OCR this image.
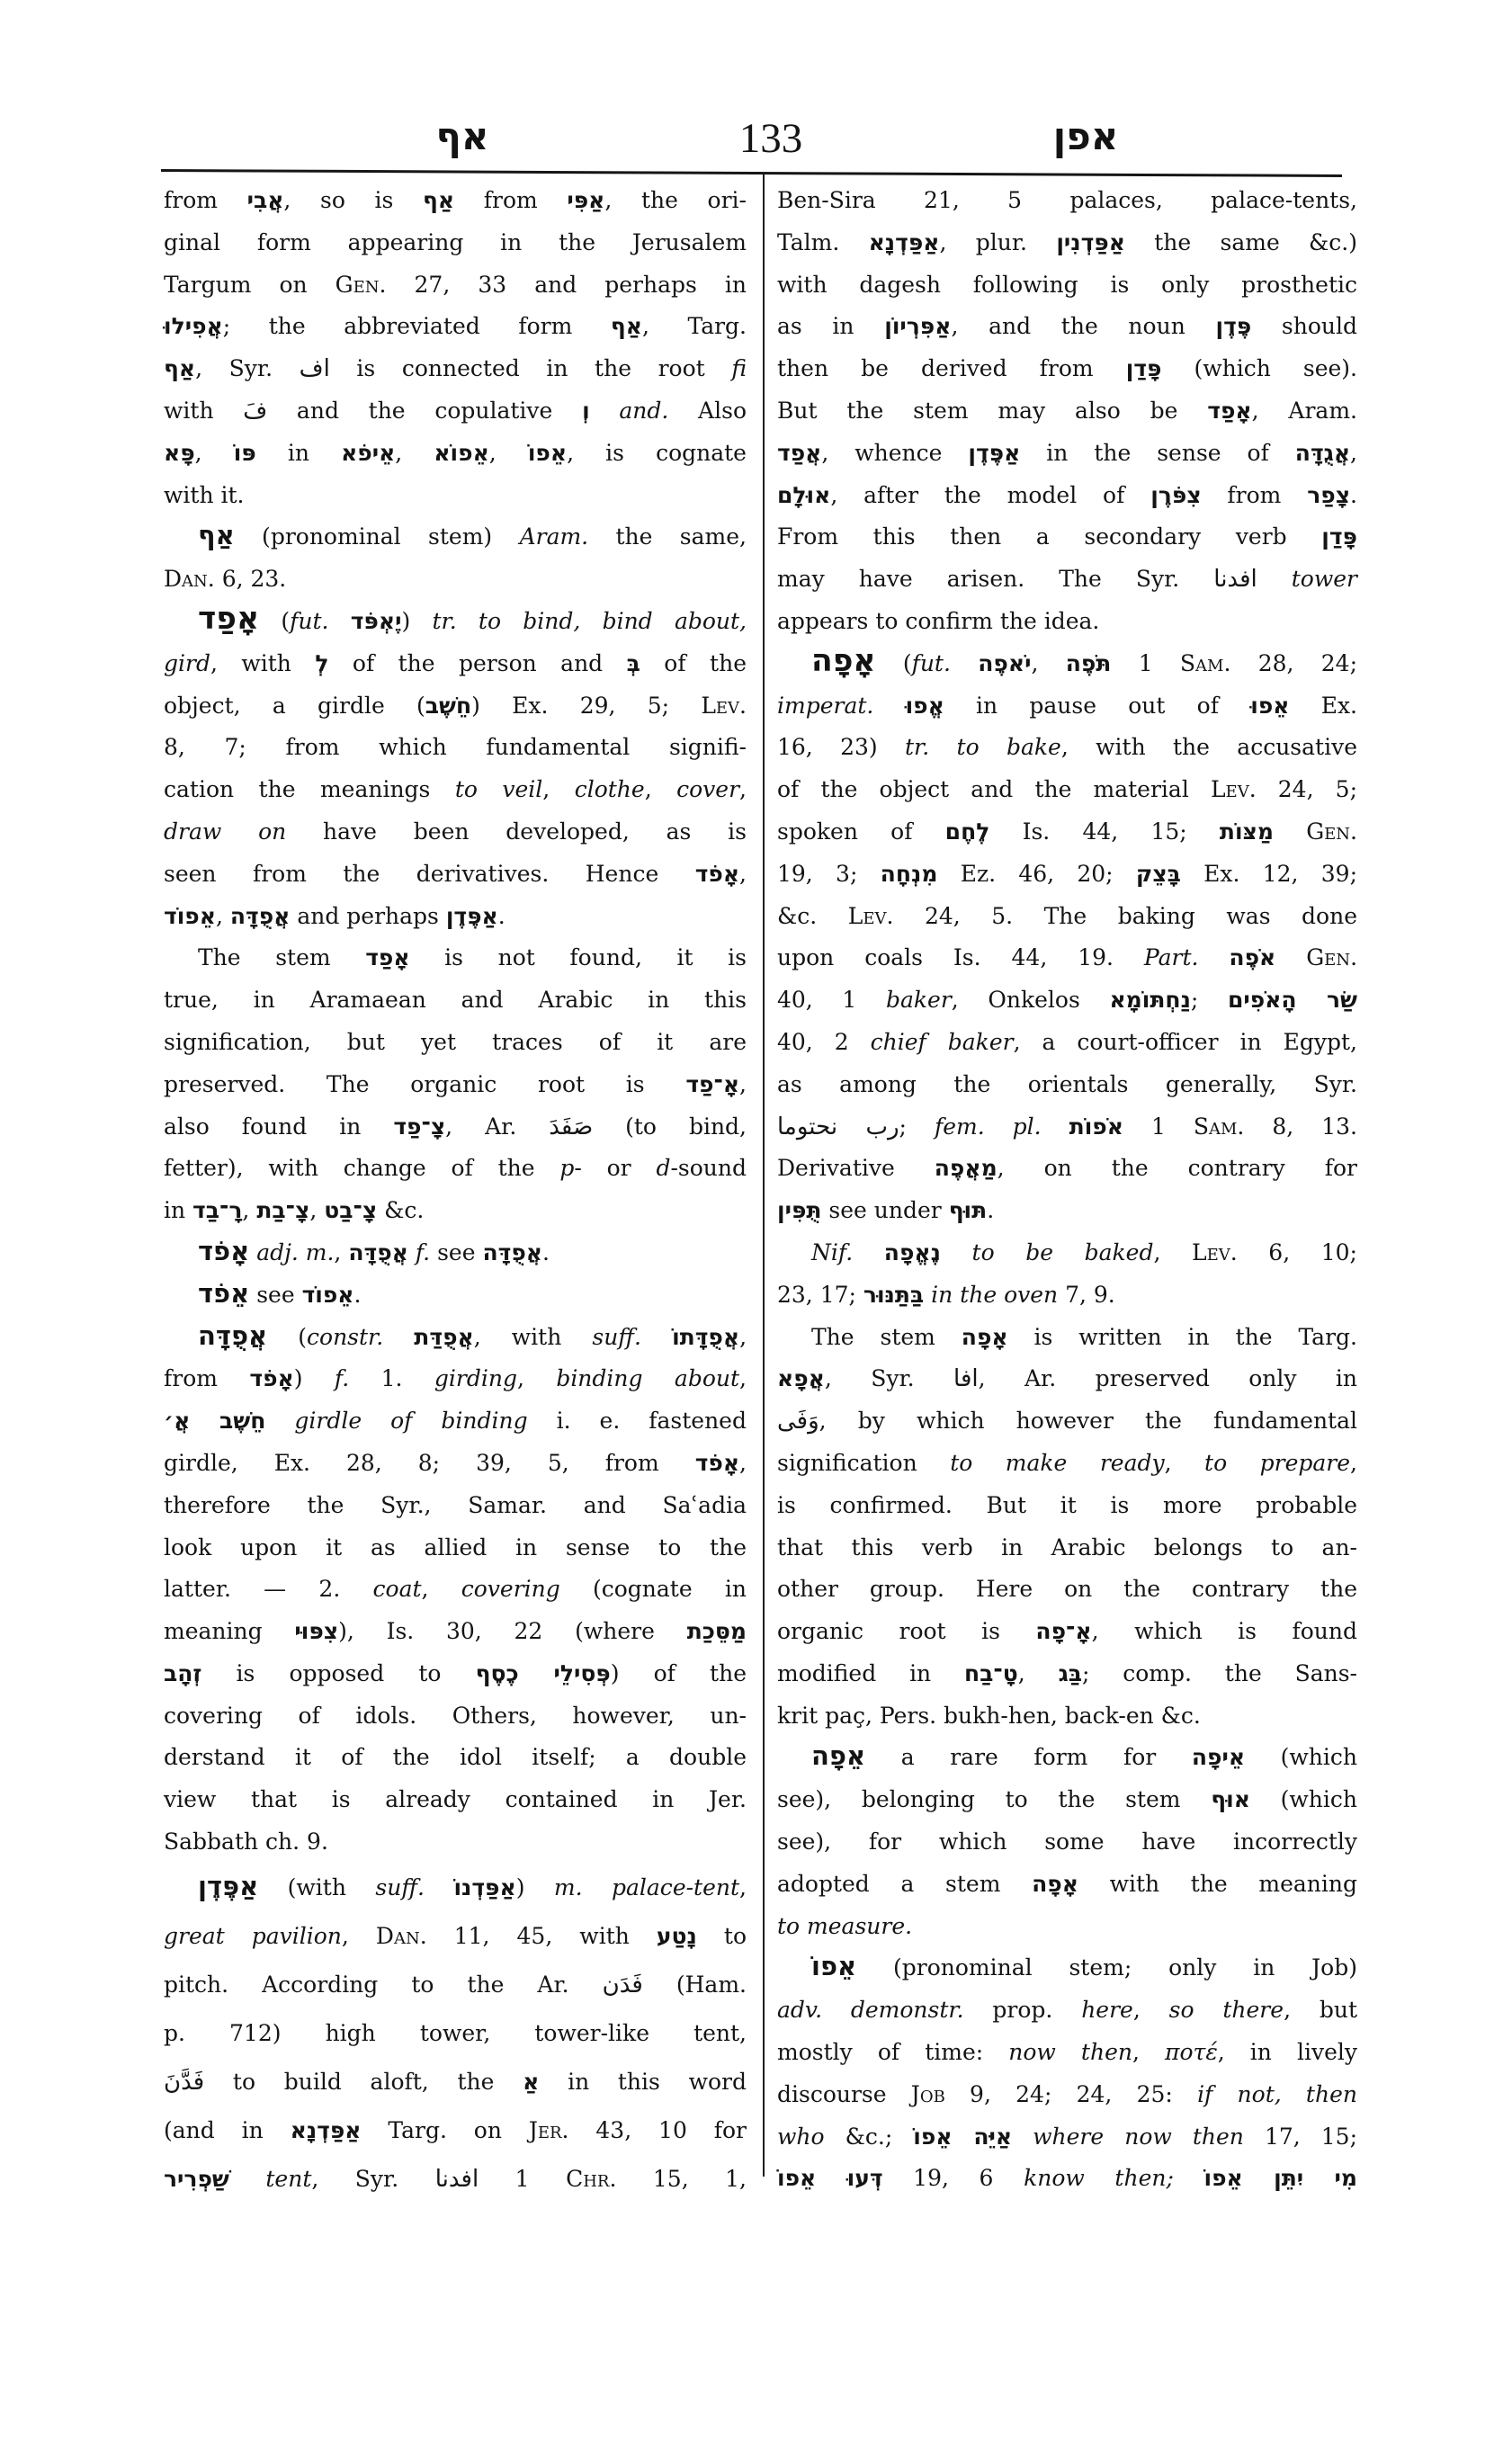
אף	133	אפן
from אֲבִי, so is אַף from אַפִּי, the ori-
ginal form appearing in the Jerusalem
Targum on Gen. 27, 33 and perhaps in
אֲפִילוּ; the abbreviated form אַף, Targ.
אַף, Syr. اف is connected in the root fi
with فَ and the copulative וְ and. Also
פָּא, פּוֹ in אֵיפֹא, אֵפוֹא, אֵפוֹ, is cognate
with it.
אַף (pronominal stem) Aram. the same,
Dan. 6, 23.
אָפַד (fut. יֶאְפֹּד) tr. to bind, bind about,
gird, with לְ of the person and בְּ of the
object, a girdle (חֵשֶׁב) Ex. 29, 5; Lev.
8, 7; from which fundamental signifi-
cation the meanings to veil, clothe, cover,
draw on have been developed, as is
seen from the derivatives. Hence אָפֹד,
אֵפוֹד, אֲפֻדָּה and perhaps אַפֶּדֶן.
The stem אָפַד is not found, it is
true, in Aramaean and Arabic in this
signification, but yet traces of it are
preserved. The organic root is אָ־פַד,
also found in צָ־פַד, Ar. صَفَدَ (to bind,
fetter), with change of the p- or d-sound
in רָ־בַד, צָ־בַת, צָ־בַט &c.
אָפֹד adj. m., אֲפֻדָּה f. see אֲפֻדָּה.
אֵפֹד see אֵפוֹד.
אֲפֻדָּה (constr. אֲפֻדַּת, with suff. אֲפֻדָּתוֹ,
from אָפֹד) f. 1. girding, binding about,
חֵשֶׁב אֲ׳ girdle of binding i. e. fastened
girdle, Ex. 28, 8; 39, 5, from אָפֹד,
therefore the Syr., Samar. and Saʿadia
look upon it as allied in sense to the
latter. — 2. coat, covering (cognate in
meaning צִפּוּי), Is. 30, 22 (where מַסֵּכַת
זְהָב is opposed to פְּסִילֵי כֶסֶף) of the
covering of idols. Others, however, un-
derstand it of the idol itself; a double
view that is already contained in Jer.
Sabbath ch. 9.
אַפֶּדֶן (with suff. אַפַּדְנוֹ) m. palace-tent,
great pavilion, Dan. 11, 45, with נָטַע to
pitch. According to the Ar. فَدَن (Ham.
p. 712) high tower, tower-like tent,
فَدَّنَ to build aloft, the אַ in this word
(and in אַפַּדְנָא Targ. on Jer. 43, 10 for
שַׁפְרִיר tent, Syr. افدنا 1 Chr. 15, 1,
Ben-Sira 21, 5 palaces, palace-tents,
Talm. אַפַּדְנָא, plur. אַפַּדְנִין the same &c.)
with dagesh following is only prosthetic
as in אַפִּרְיוֹן, and the noun פֶּדֶן should
then be derived from פָּדַן (which see).
But the stem may also be אָפַד, Aram.
אֲפַד, whence אַפֶּדֶן in the sense of אֲגֻדָּה,
אוּלָם, after the model of צִפֹּרֶן from צָפַר.
From this then a secondary verb פָּדַן
may have arisen. The Syr. افدنا tower
appears to confirm the idea.
אָפָה (fut. יֹאפֶה, תֹּפֶה 1 Sam. 28, 24;
imperat. אֱפוּ in pause out of אֵפוּ Ex.
16, 23) tr. to bake, with the accusative
of the object and the material Lev. 24, 5;
spoken of לֶחֶם Is. 44, 15; מַצּוֹת Gen.
19, 3; מִנְחָה Ez. 46, 20; בָּצֵק Ex. 12, 39;
&c. Lev. 24, 5. The baking was done
upon coals Is. 44, 19. Part. אֹפֶה Gen.
40, 1 baker, Onkelos נַחְתּוֹמָא; שַׂר הָאֹפִים
40, 2 chief baker, a court-officer in Egypt,
as among the orientals generally, Syr.
رب نحتوما; fem. pl. אֹפוֹת 1 Sam. 8, 13.
Derivative מַאֲפֶה, on the contrary for
תֻּפִּין see under תּוּף.
Nif. נֶאֱפָה to be baked, Lev. 6, 10;
23, 17; בַּתַּנּוּר in the oven 7, 9.
The stem אָפָה is written in the Targ.
אֲפָא, Syr. افا, Ar. preserved only in
وَفَى, by which however the fundamental
signification to make ready, to prepare,
is confirmed. But it is more probable
that this verb in Arabic belongs to an-
other group. Here on the contrary the
organic root is אָ־פָה, which is found
modified in טָ־בַח, בַּג; comp. the Sans-
krit paç, Pers. bukh-hen, back-en &c.
אֵפָה a rare form for אֵיפָה (which
see), belonging to the stem אוּף (which
see), for which some have incorrectly
adopted a stem אָפָה with the meaning
to measure.
אֵפוֹ (pronominal stem; only in Job)
adv. demonstr. prop. here, so there, but
mostly of time: now then, ποτέ, in lively
discourse Job 9, 24; 24, 25: if not, then
who &c.; אַיֵּה אֵפוֹ where now then 17, 15;
דְּעוּ אֵפוֹ 19, 6 know then; מִי יִתֵּן אֵפוֹ
